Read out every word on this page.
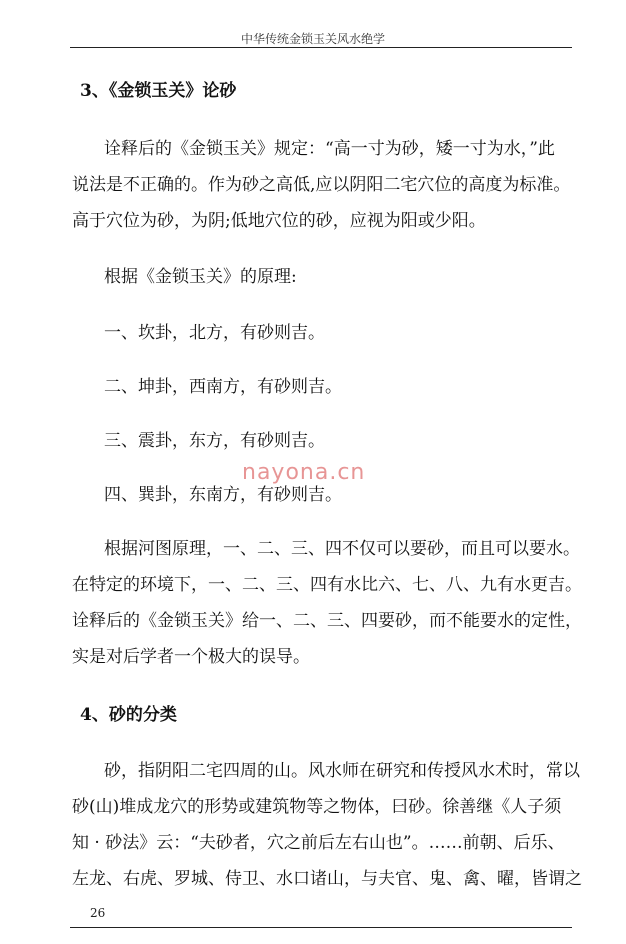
中华传统金锁玉关风水绝学
3、《金锁玉关》论砂
诠释后的《金锁玉关》规定：“高一寸为砂，矮一寸为水，”此
说法是不正确的。作为砂之高低,应以阴阳二宅穴位的高度为标准。
高于穴位为砂，为阴;低地穴位的砂，应视为阳或少阳。
根据《金锁玉关》的原理:
一、坎卦，北方，有砂则吉。
二、坤卦，西南方，有砂则吉。
三、震卦，东方，有砂则吉。
四、巽卦，东南方，有砂则吉。
根据河图原理，一、二、三、四不仅可以要砂，而且可以要水。
在特定的环境下，一、二、三、四有水比六、七、八、九有水更吉。
诠释后的《金锁玉关》给一、二、三、四要砂，而不能要水的定性，
实是对后学者一个极大的误导。
4、砂的分类
砂，指阴阳二宅四周的山。风水师在研究和传授风水术时，常以
砂(山)堆成龙穴的形势或建筑物等之物体，曰砂。徐善继《人子须
知 · 砂法》云：“夫砂者，穴之前后左右山也”。……前朝、后乐、
左龙、右虎、罗城、侍卫、水口诸山，与夫官、鬼、禽、曜，皆谓之
nayona.cn
26
